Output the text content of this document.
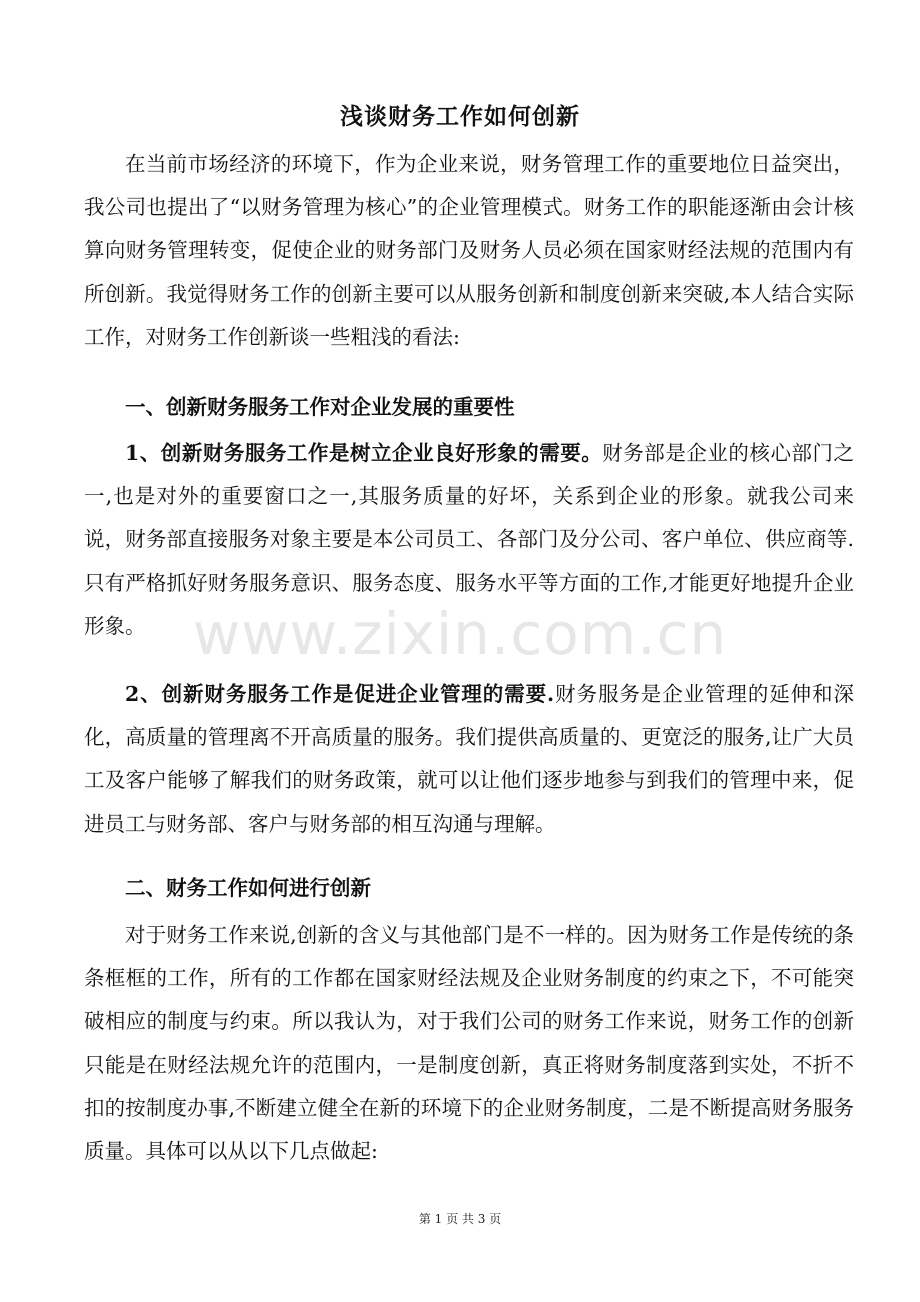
浅谈财务工作如何创新

在当前市场经济的环境下，作为企业来说，财务管理工作的重要地位日益突出，我公司也提出了“以财务管理为核心”的企业管理模式。财务工作的职能逐渐由会计核算向财务管理转变，促使企业的财务部门及财务人员必须在国家财经法规的范围内有所创新。我觉得财务工作的创新主要可以从服务创新和制度创新来突破,本人结合实际工作，对财务工作创新谈一些粗浅的看法:

一、创新财务服务工作对企业发展的重要性

1、创新财务服务工作是树立企业良好形象的需要。财务部是企业的核心部门之一,也是对外的重要窗口之一,其服务质量的好坏，关系到企业的形象。就我公司来说，财务部直接服务对象主要是本公司员工、各部门及分公司、客户单位、供应商等.只有严格抓好财务服务意识、服务态度、服务水平等方面的工作,才能更好地提升企业形象。

2、创新财务服务工作是促进企业管理的需要.财务服务是企业管理的延伸和深化，高质量的管理离不开高质量的服务。我们提供高质量的、更宽泛的服务,让广大员工及客户能够了解我们的财务政策，就可以让他们逐步地参与到我们的管理中来，促进员工与财务部、客户与财务部的相互沟通与理解。

二、财务工作如何进行创新

对于财务工作来说,创新的含义与其他部门是不一样的。因为财务工作是传统的条条框框的工作，所有的工作都在国家财经法规及企业财务制度的约束之下，不可能突破相应的制度与约束。所以我认为，对于我们公司的财务工作来说，财务工作的创新只能是在财经法规允许的范围内，一是制度创新，真正将财务制度落到实处，不折不扣的按制度办事,不断建立健全在新的环境下的企业财务制度，二是不断提高财务服务质量。具体可以从以下几点做起:

www.zixin.com.cn
第 1 页 共 3 页
